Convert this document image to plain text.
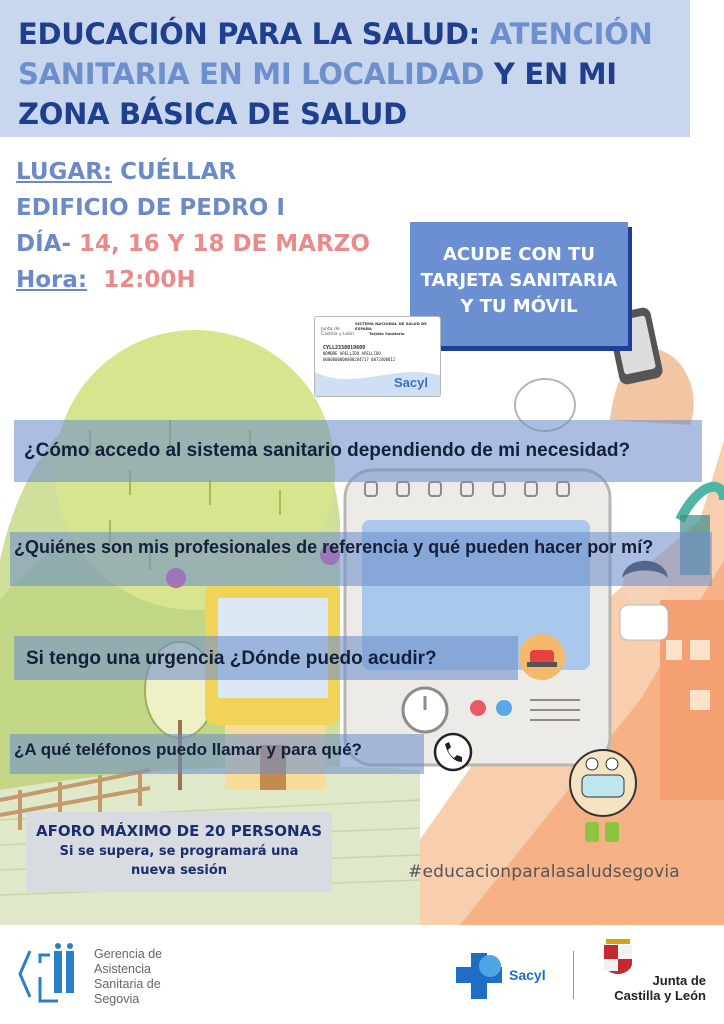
EDUCACIÓN PARA LA SALUD: ATENCIÓN SANITARIA EN MI LOCALIDAD Y EN MI ZONA BÁSICA DE SALUD
LUGAR: CUÉLLAR
EDIFICIO DE PEDRO I
DÍA- 14, 16 Y 18 DE MARZO
Hora: 12:00H
ACUDE CON TU
TARJETA SANITARIA
Y TU MÓVIL
SISTEMA NACIONAL DE SALUD DE ESPAÑA
Tarjeta Sanitaria
Junta de
Castilla y León
CYLL2338019609
NOMBRE APELLIDO APELLIDO
0000000000000284717 0072400012
Sacyl
¿Cómo accedo al sistema sanitario dependiendo de mi necesidad?
¿Quiénes son mis profesionales de referencia y qué pueden hacer por mí?
Si tengo una urgencia ¿Dónde puedo acudir?
¿A qué teléfonos puedo llamar y para qué?
AFORO MÁXIMO DE 20 PERSONAS
Si se supera, se programará una
nueva sesión	#educacionparalasaludsegovia
Gerencia de
Asistencia
Sanitaria de
Segovia
Sacyl	Junta de
Castilla y León
